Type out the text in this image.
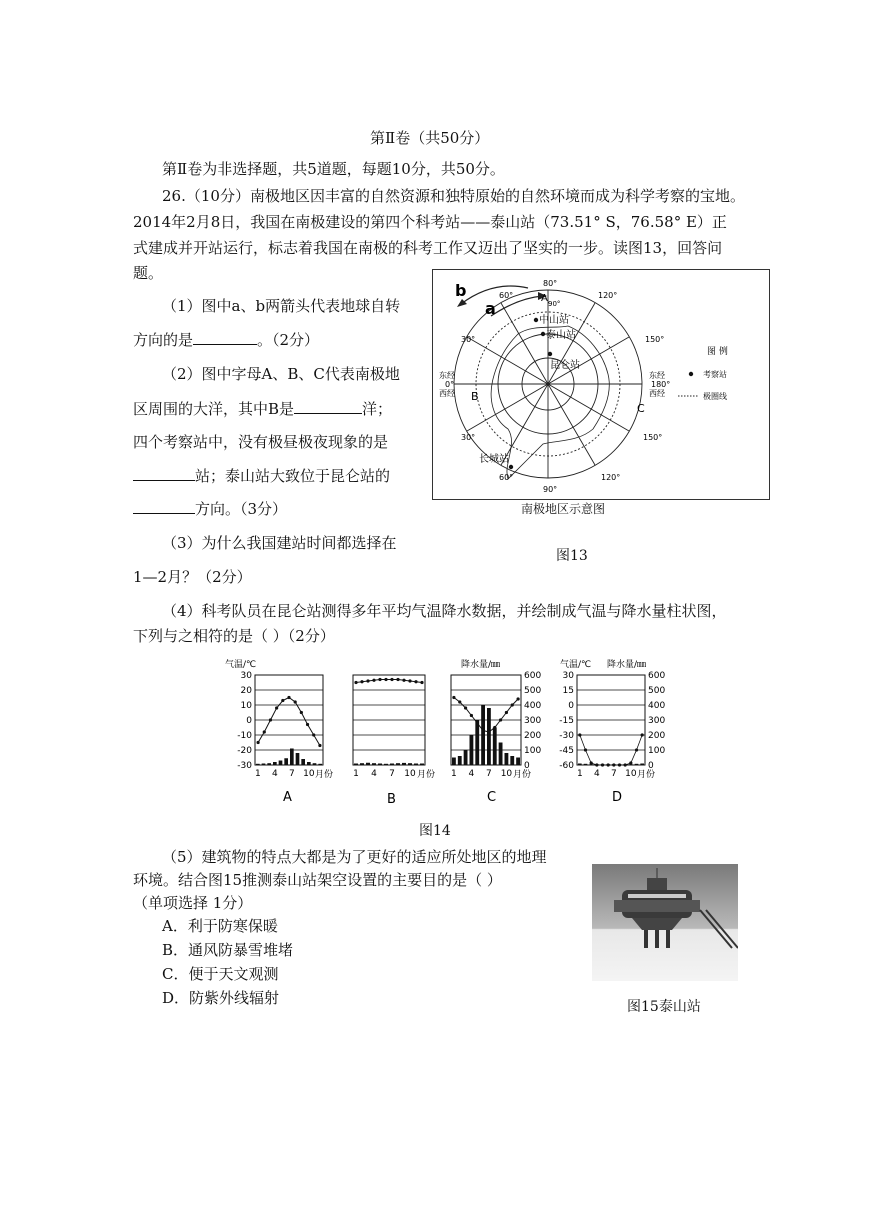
第Ⅱ卷（共50分）
第Ⅱ卷为非选择题，共5道题，每题10分，共50分。
26.（10分）南极地区因丰富的自然资源和独特原始的自然环境而成为科学考察的宝地。
2014年2月8日，我国在南极建设的第四个科考站——泰山站（73.51° S，76.58° E）正
式建成并开站运行，标志着我国在南极的科考工作又迈出了坚实的一步。读图13，回答问
题。
（1）图中a、b两箭头代表地球自转
方向的是	。（2分）
（2）图中字母A、B、C代表南极地
区周围的大洋，其中B是	洋；
四个考察站中，没有极昼极夜现象的是
站；泰山站大致位于昆仑站的
方向。（3分）
（3）为什么我国建站时间都选择在
1—2月？（2分）
b
a
80°
90°
60°	120°
30°	150°
东经
0°
西经
东经
180°
西经
30°	150°
60°	120°
90°
A
B
C
中山站
泰山站
昆仑站
长城站
图 例
考察站
极圈线
南极地区示意图
图13
（4）科考队员在昆仑站测得多年平均气温降水数据，并绘制成气温与降水量柱状图，
下列与之相符的是（ ）（2分）
气温/℃	降水量/㎜	气温/℃ 降水量/㎜
30
20
10
0
-10
-20
-30
1 4 7 10 月份 1 4 7 10 月份
600
500
400
300
200
100
0
1 4 7 10 月份
30
15
0
-15
-30
-45
-60
600
500
400
300
200
100
0
1 4 7 10 月份
A	B	C	D
图14
（5）建筑物的特点大都是为了更好的适应所处地区的地理
环境。结合图15推测泰山站架空设置的主要目的是（ ）
（单项选择 1分）
A．利于防寒保暖
B．通风防暴雪堆堵
C．便于天文观测
D．防紫外线辐射	图15泰山站
